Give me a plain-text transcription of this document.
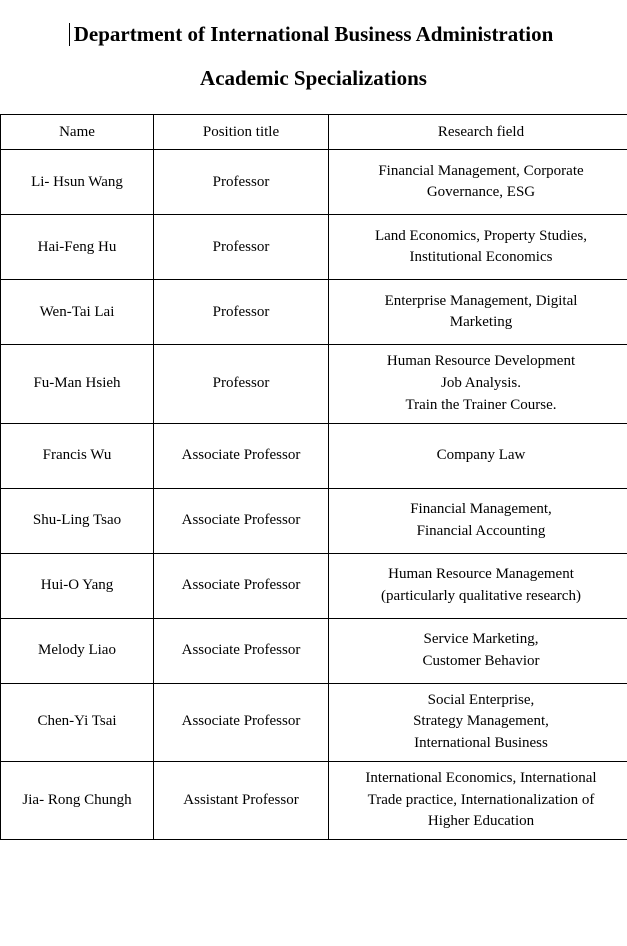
Department of International Business Administration
Academic Specializations
Name	Position title	Research field
Li- Hsun Wang	Professor	Financial Management, Corporate
Governance, ESG

Hai-Feng Hu	Professor	Land Economics, Property Studies,
Institutional Economics

Wen-Tai Lai	Professor	Enterprise Management, Digital
Marketing

Fu-Man Hsieh	Professor	Human Resource Development
Job Analysis.
Train the Trainer Course.

Francis Wu	Associate Professor	Company Law

Shu-Ling Tsao	Associate Professor	Financial Management,
Financial Accounting

Hui-O Yang	Associate Professor	Human Resource Management
(particularly qualitative research)

Melody Liao	Associate Professor	Service Marketing,
Customer Behavior

Chen-Yi Tsai	Associate Professor	Social Enterprise,
Strategy Management,
International Business

Jia- Rong Chungh	Assistant Professor	International Economics, International
Trade practice, Internationalization of
Higher Education
